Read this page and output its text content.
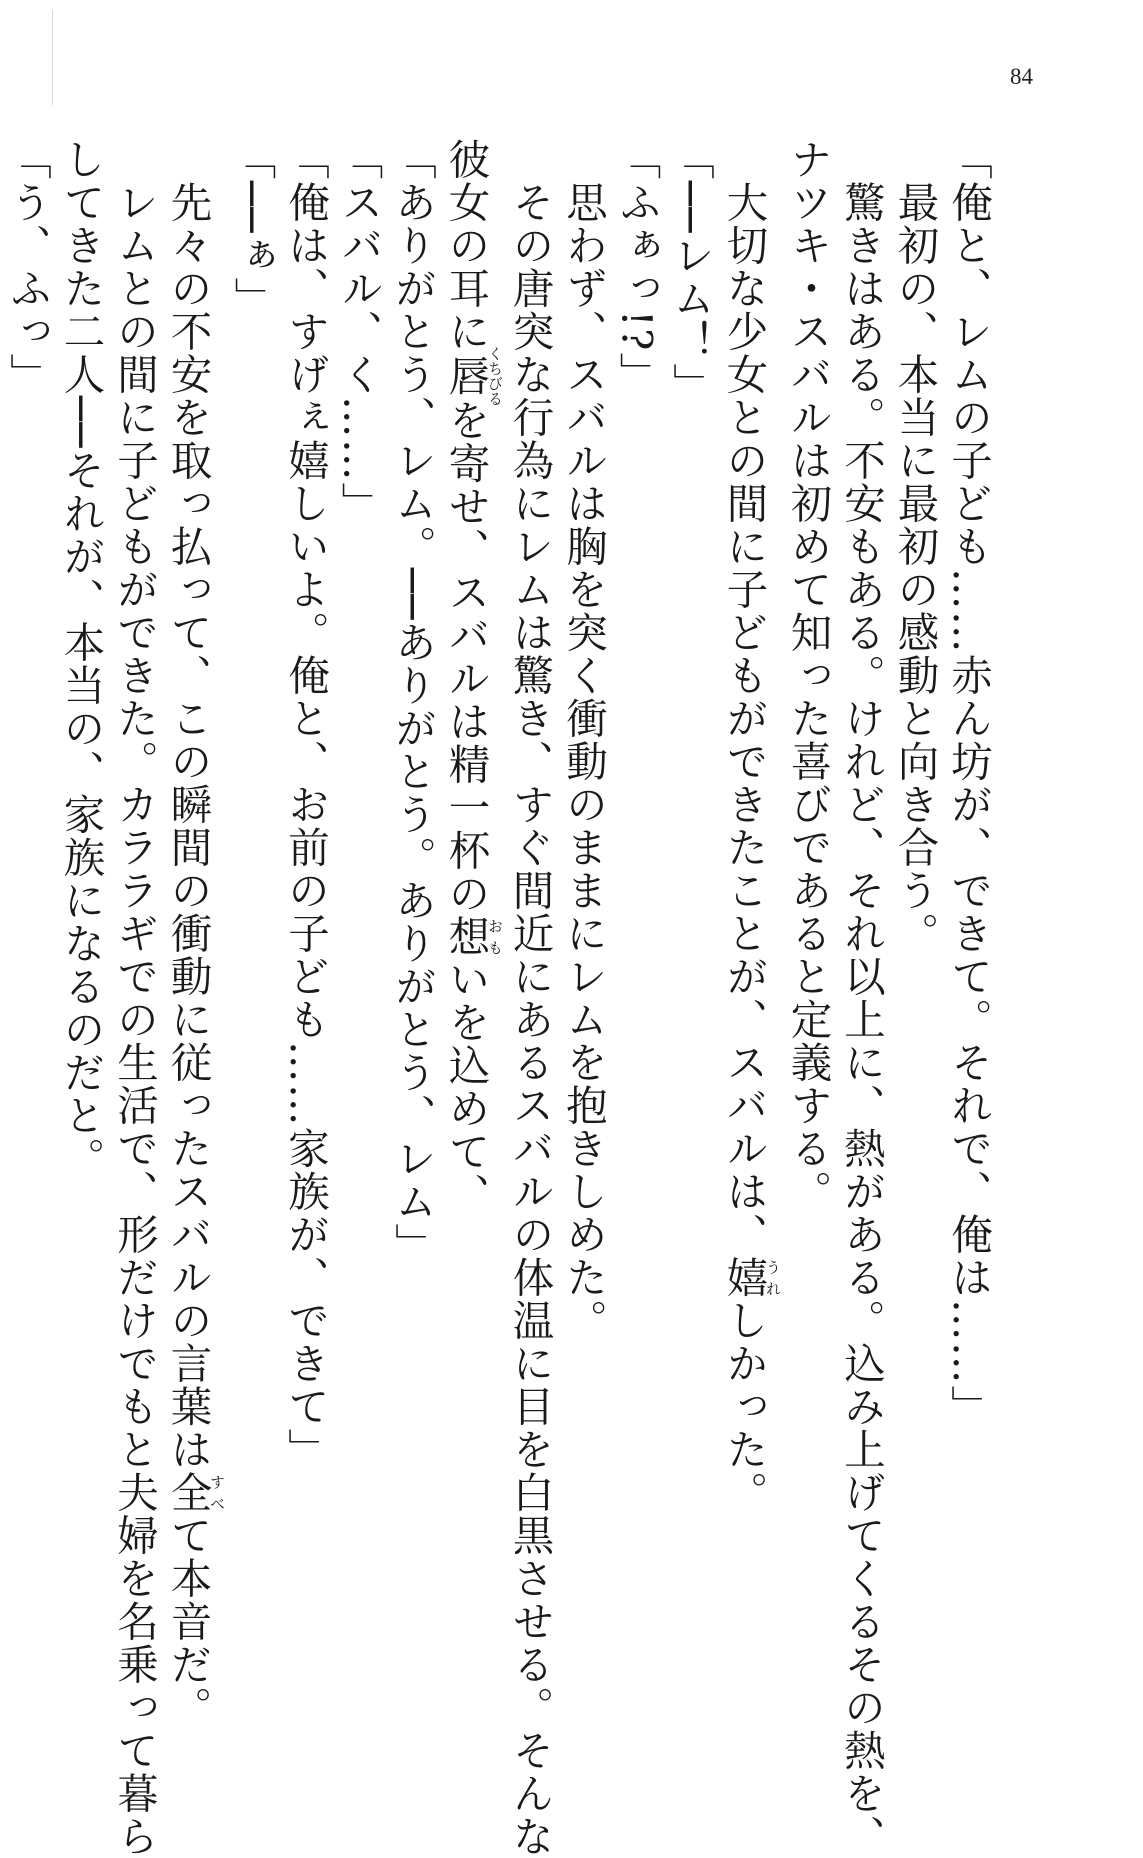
84
「俺と、レムの子ども……赤ん坊が、できて。それで、俺は……」
　最初の、本当に最初の感動と向き合う。
　驚きはある。不安もある。けれど、それ以上に、熱がある。込み上げてくるその熱を、
ナツキ・スバルは初めて知った喜びであると定義する。
　大切な少女との間に子どもができたことが、スバルは、嬉うれしかった。
「──レム！」
「ふぁっ!?」
　思わず、スバルは胸を突く衝動のままにレムを抱きしめた。
　その唐突な行為にレムは驚き、すぐ間近にあるスバルの体温に目を白黒させる。そんな
彼女の耳に唇くちびるを寄せ、スバルは精一杯の想おもいを込めて、
「ありがとう、レム。──ありがとう。ありがとう、レム」
「スバル、く……」
「俺は、すげぇ嬉しいよ。俺と、お前の子ども……家族が、できて」
「──ぁ」
　先々の不安を取っ払って、この瞬間の衝動に従ったスバルの言葉は全すべて本音だ。
　レムとの間に子どもができた。カララギでの生活で、形だけでもと夫婦を名乗って暮ら
してきた二人──それが、本当の、家族になるのだと。
「う、ふっ」
